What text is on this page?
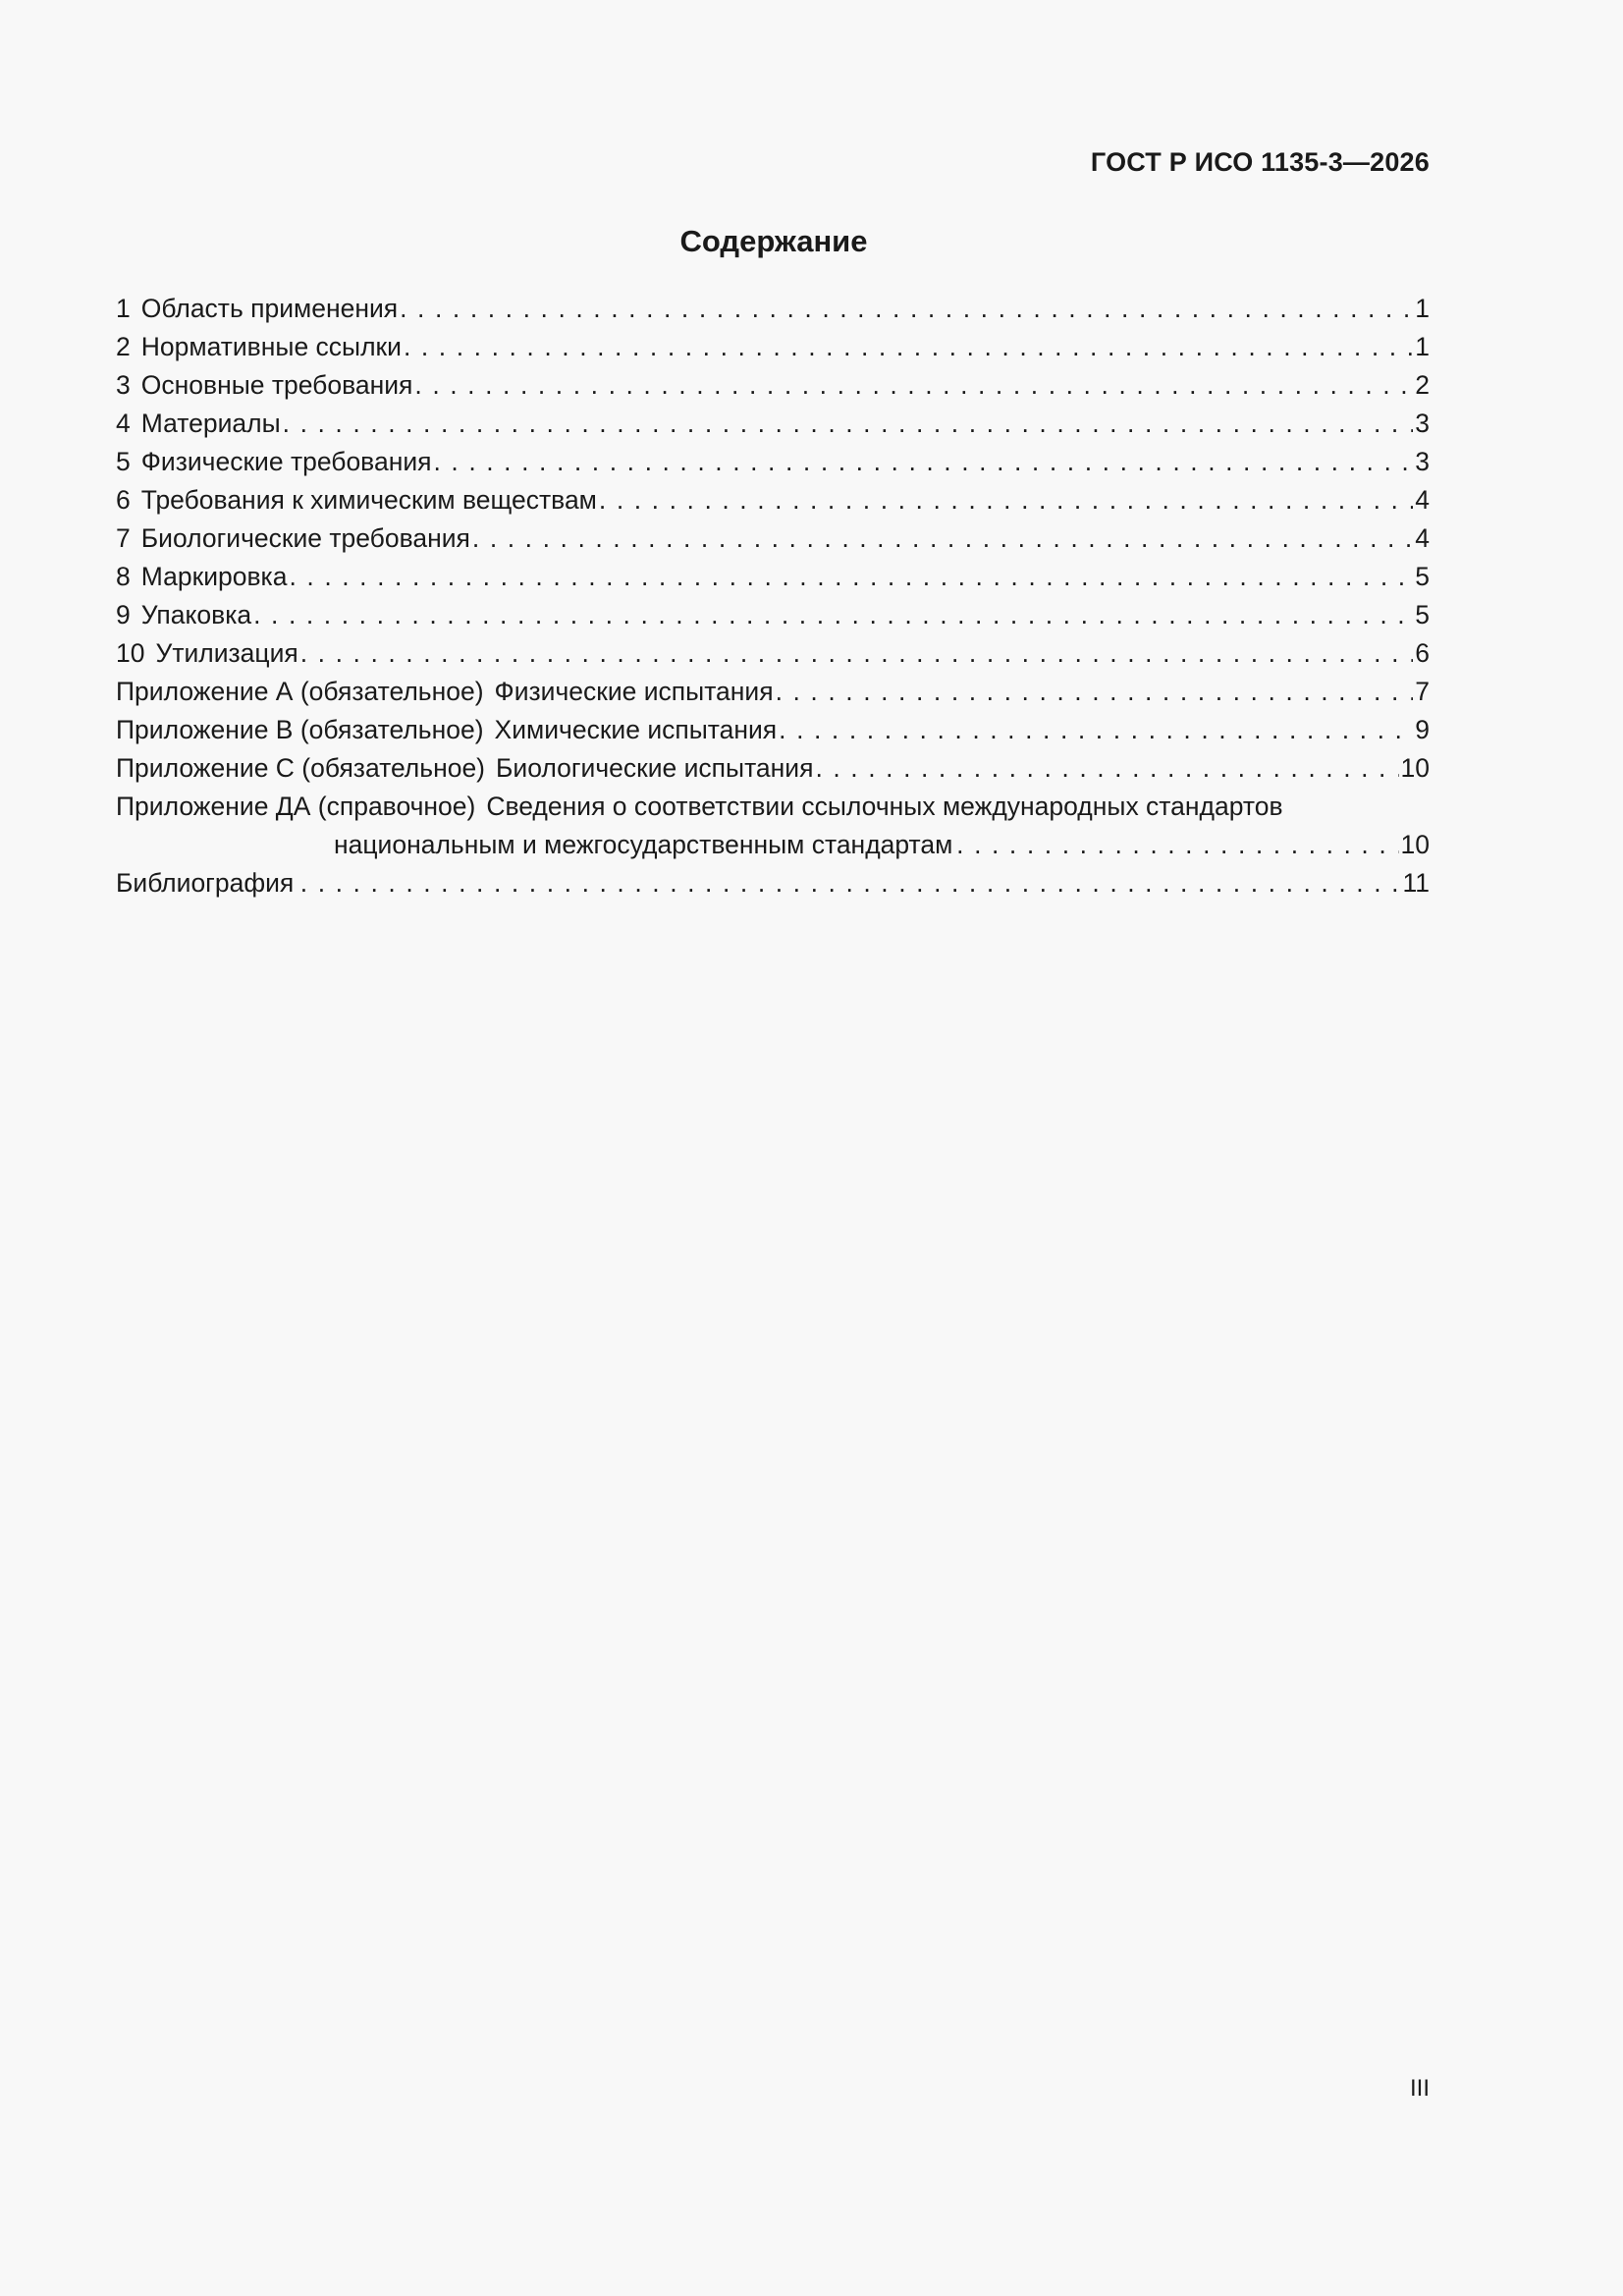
ГОСТ Р ИСО 1135-3—2026
Содержание
1 Область применения . . .	1
2 Нормативные ссылки . . .	1
3 Основные требования . . .	2
4 Материалы . . .	3
5 Физические требования . . .	3
6 Требования к химическим веществам . . .	4
7 Биологические требования . . .	4
8 Маркировка . . .	5
9 Упаковка . . .	5
10 Утилизация . . .	6
Приложение А (обязательное) Физические испытания . . .	7
Приложение В (обязательное) Химические испытания . . .	9
Приложение С (обязательное) Биологические испытания . . .	10
Приложение ДА (справочное) Сведения о соответствии ссылочных международных стандартов
национальным и межгосударственным стандартам . . .	10
Библиография . . .	11
III
